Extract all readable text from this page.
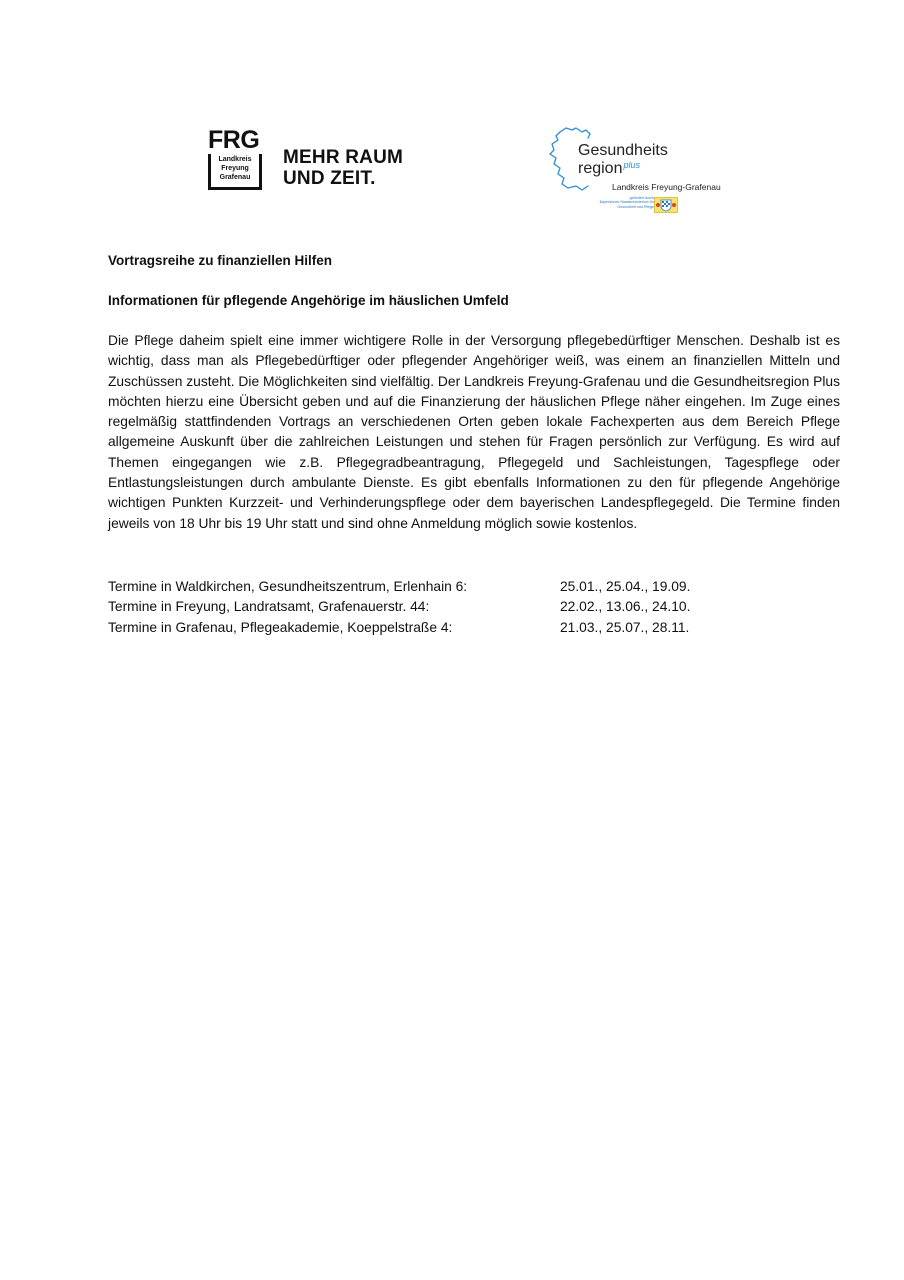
FRG
Landkreis
Freyung
Grafenau
MEHR RAUM
UND ZEIT.
Gesundheits
region$^{plus}$
Landkreis Freyung-Grafenau
gefördert durch
Bayerisches Staatsministerium für
Gesundheit und Pflege
Vortragsreihe zu finanziellen Hilfen
Informationen für pflegende Angehörige im häuslichen Umfeld
Die Pflege daheim spielt eine immer wichtigere Rolle in der Versorgung pflegebedürftiger Menschen. Deshalb ist es wichtig, dass man als Pflegebedürftiger oder pflegender Angehöriger weiß, was einem an finanziellen Mitteln und Zuschüssen zusteht. Die Möglichkeiten sind vielfältig. Der Landkreis Freyung-Grafenau und die Gesundheitsregion Plus möchten hierzu eine Übersicht geben und auf die Finanzierung der häuslichen Pflege näher eingehen. Im Zuge eines regelmäßig stattfindenden Vortrags an verschiedenen Orten geben lokale Fachexperten aus dem Bereich Pflege allgemeine Auskunft über die zahlreichen Leistungen und stehen für Fragen persönlich zur Verfügung. Es wird auf Themen eingegangen wie z.B. Pflegegradbeantragung, Pflegegeld und Sachleistungen, Tagespflege oder Entlastungsleistungen durch ambulante Dienste. Es gibt ebenfalls Informationen zu den für pflegende Angehörige wichtigen Punkten Kurzzeit- und Verhinderungspflege oder dem bayerischen Landespflegegeld. Die Termine finden jeweils von 18 Uhr bis 19 Uhr statt und sind ohne Anmeldung möglich sowie kostenlos.
Termine in Waldkirchen, Gesundheitszentrum, Erlenhain 6:	25.01., 25.04., 19.09.
Termine in Freyung, Landratsamt, Grafenauerstr. 44:	22.02., 13.06., 24.10.
Termine in Grafenau, Pflegeakademie, Koeppelstraße 4:	21.03., 25.07., 28.11.
